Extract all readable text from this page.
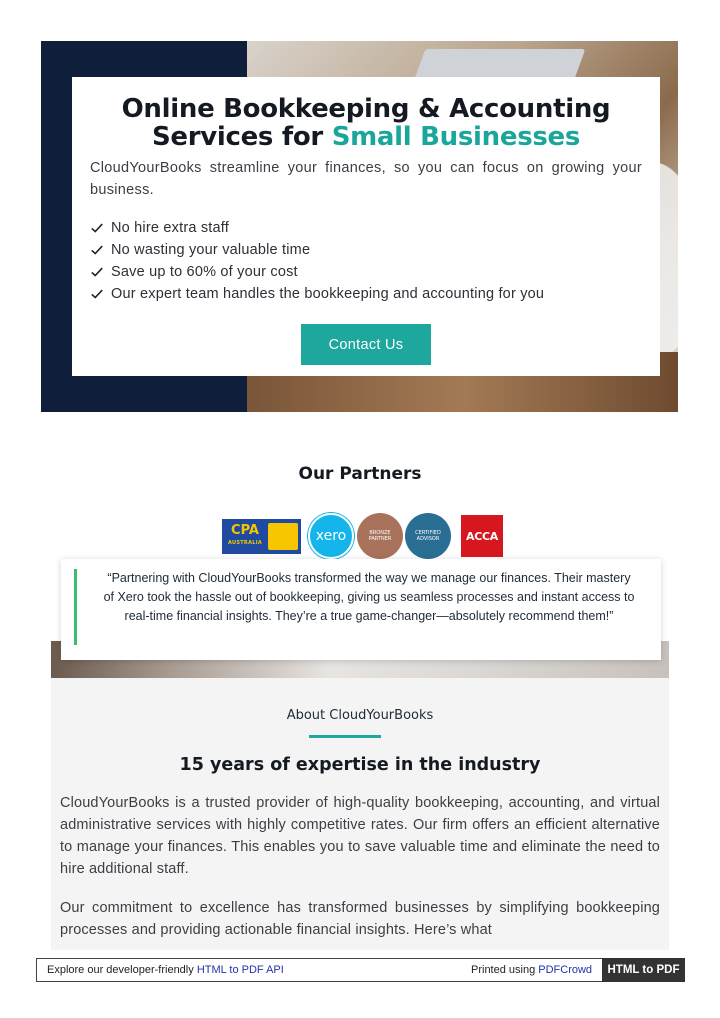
Online Bookkeeping & Accounting
Services for Small Businesses

CloudYourBooks streamline your finances, so you can focus on growing your business.

No hire extra staff
No wasting your valuable time
Save up to 60% of your cost
Our expert team handles the bookkeeping and accounting for you
Contact Us
Our Partners
CPA
AUSTRALIA	xero	BRONZE
PARTNER
CERTIFIED
ADVISOR ACCA

“Partnering with CloudYourBooks transformed the way we manage our finances. Their mastery of Xero took the hassle out of bookkeeping, giving us seamless processes and instant access to real-time financial insights. They’re a true game-changer—absolutely recommend them!”

About CloudYourBooks
15 years of expertise in the industry

CloudYourBooks is a trusted provider of high-quality bookkeeping, accounting, and virtual administrative services with highly competitive rates. Our firm offers an efficient alternative to manage your finances. This enables you to save valuable time and eliminate the need to hire additional staff.

Our commitment to excellence has transformed businesses by simplifying bookkeeping processes and providing actionable financial insights. Here’s what

Explore our developer-friendly HTML to PDF API	Printed using PDFCrowd	HTML to PDF
